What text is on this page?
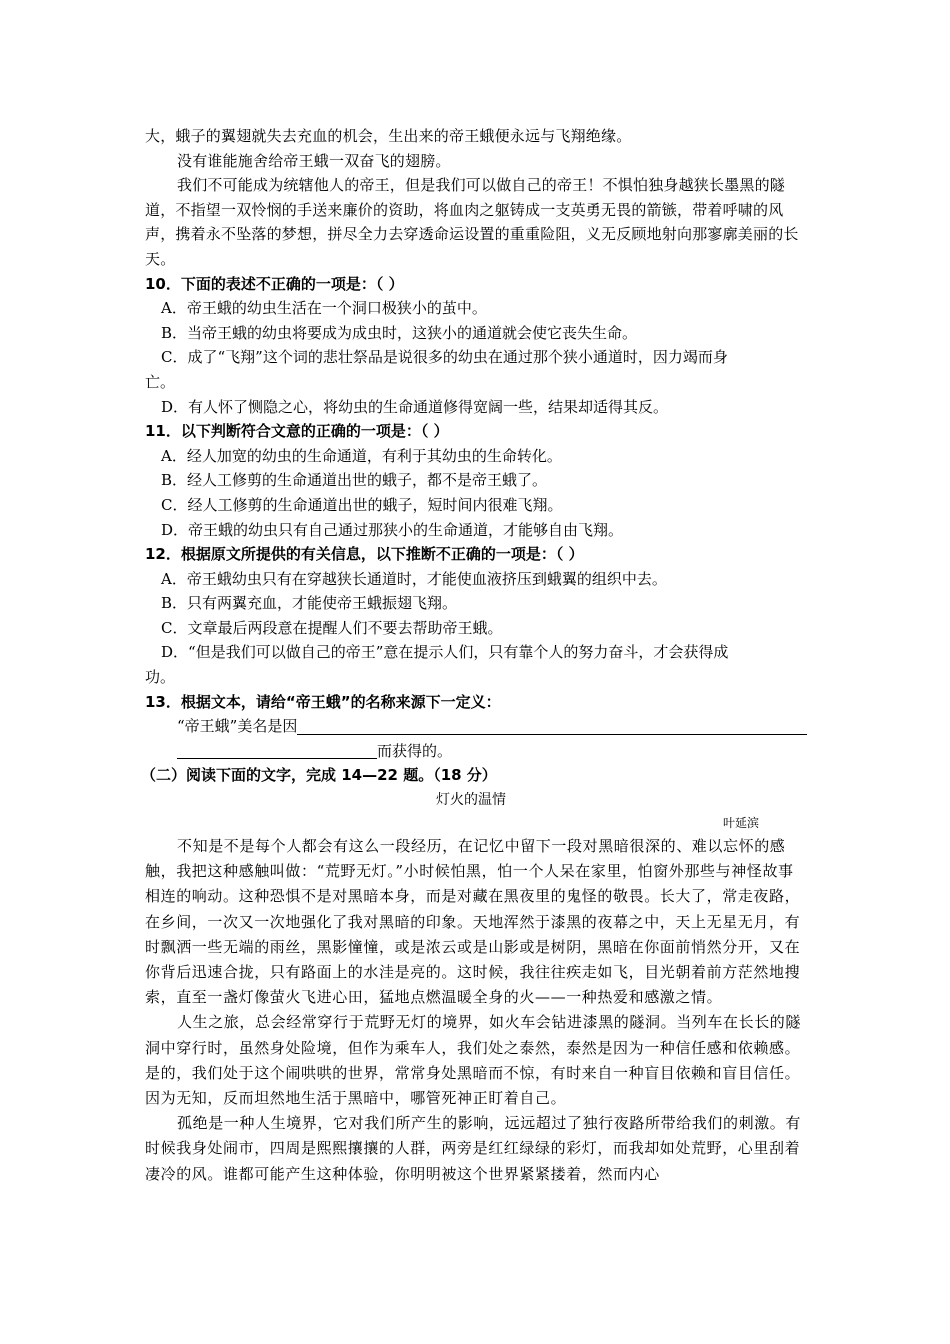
大，蛾子的翼翅就失去充血的机会，生出来的帝王蛾便永远与飞翔绝缘。

没有谁能施舍给帝王蛾一双奋飞的翅膀。

我们不可能成为统辖他人的帝王，但是我们可以做自己的帝王！不惧怕独身越狭长墨黑的隧道，不指望一双怜悯的手送来廉价的资助，将血肉之躯铸成一支英勇无畏的箭镞，带着呼啸的风声，携着永不坠落的梦想，拼尽全力去穿透命运设置的重重险阻，义无反顾地射向那寥廓美丽的长天。

10．下面的表述不正确的一项是：（ ）

A．帝王蛾的幼虫生活在一个洞口极狭小的茧中。

B．当帝王蛾的幼虫将要成为成虫时，这狭小的通道就会使它丧失生命。

C．成了“飞翔”这个词的悲壮祭品是说很多的幼虫在通过那个狭小通道时，因力竭而身

亡。

D．有人怀了恻隐之心，将幼虫的生命通道修得宽阔一些，结果却适得其反。

11．以下判断符合文意的正确的一项是：（ ）

A．经人加宽的幼虫的生命通道，有利于其幼虫的生命转化。

B．经人工修剪的生命通道出世的蛾子，都不是帝王蛾了。

C．经人工修剪的生命通道出世的蛾子，短时间内很难飞翔。

D．帝王蛾的幼虫只有自己通过那狭小的生命通道，才能够自由飞翔。

12．根据原文所提供的有关信息，以下推断不正确的一项是：（ ）

A．帝王蛾幼虫只有在穿越狭长通道时，才能使血液挤压到蛾翼的组织中去。

B．只有两翼充血，才能使帝王蛾振翅飞翔。

C．文章最后两段意在提醒人们不要去帮助帝王蛾。

D．“但是我们可以做自己的帝王”意在提示人们，只有靠个人的努力奋斗，才会获得成

功。

13．根据文本，请给“帝王蛾”的名称来源下一定义：

“帝王蛾”美名是因
而获得的。

（二）阅读下面的文字，完成 14—22 题。（18 分）

灯火的温情

叶延滨

不知是不是每个人都会有这么一段经历，在记忆中留下一段对黑暗很深的、难以忘怀的感触，我把这种感触叫做：“荒野无灯。”小时候怕黑，怕一个人呆在家里，怕窗外那些与神怪故事相连的响动。这种恐惧不是对黑暗本身，而是对藏在黑夜里的鬼怪的敬畏。长大了，常走夜路，在乡间，一次又一次地强化了我对黑暗的印象。天地浑然于漆黑的夜幕之中，天上无星无月，有时飘洒一些无端的雨丝，黑影憧憧，或是浓云或是山影或是树阴，黑暗在你面前悄然分开，又在你背后迅速合拢，只有路面上的水洼是亮的。这时候，我往往疾走如飞，目光朝着前方茫然地搜索，直至一盏灯像萤火飞进心田，猛地点燃温暖全身的火——一种热爱和感激之情。

人生之旅，总会经常穿行于荒野无灯的境界，如火车会钻进漆黑的隧洞。当列车在长长的隧洞中穿行时，虽然身处险境，但作为乘车人，我们处之泰然，泰然是因为一种信任感和依赖感。是的，我们处于这个闹哄哄的世界，常常身处黑暗而不惊，有时来自一种盲目依赖和盲目信任。因为无知，反而坦然地生活于黑暗中，哪管死神正盯着自己。

孤绝是一种人生境界，它对我们所产生的影响，远远超过了独行夜路所带给我们的刺激。有时候我身处闹市，四周是熙熙攘攘的人群，两旁是红红绿绿的彩灯，而我却如处荒野，心里刮着凄冷的风。谁都可能产生这种体验，你明明被这个世界紧紧搂着，然而内心
